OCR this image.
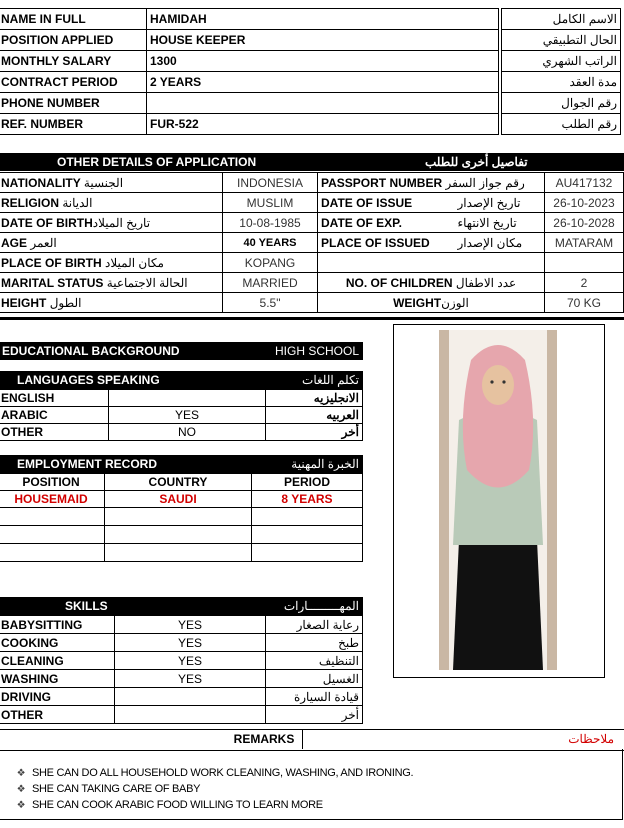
NAME IN FULL	HAMIDAH		الاسم الكامل
POSITION APPLIED	HOUSE KEEPER		الحال التطبيقي
MONTHLY SALARY	1300		الراتب الشهري
CONTRACT PERIOD	2 YEARS		مدة العقد
PHONE NUMBER			رقم الجوال
REF. NUMBER	FUR-522		رقم الطلب
OTHER DETAILS OF APPLICATION	تفاصيل أخرى للطلب
NATIONALITY الجنسية	INDONESIA	PASSPORT NUMBER رقم جواز السفر	AU417132
RELIGION الديانة	MUSLIM	DATE OF ISSUE تاريخ الإصدار	26-10-2023
DATE OF BIRTHتاريخ الميلاد	10-08-1985	DATE OF EXP. تاريخ الانتهاء	26-10-2028
AGE العمر	40 YEARS	PLACE OF ISSUED مكان الإصدار	MATARAM
PLACE OF BIRTH مكان الميلاد	KOPANG		
MARITAL STATUS الحالة الاجتماعية	MARRIED	NO. OF CHILDREN عدد الاطفال	2
HEIGHT الطول	5.5"	WEIGHTالوزن	70 KG
EDUCATIONAL BACKGROUND	HIGH SCHOOL
LANGUAGES SPEAKING	تكلم اللغات
ENGLISH		الانجليزيه
ARABIC	YES	العربيه
OTHER	NO	أخر
EMPLOYMENT RECORD	الخبرة المهنية
POSITION	COUNTRY	PERIOD
HOUSEMAID	SAUDI	8 YEARS

SKILLS	المهـــــــــارات
BABYSITTING	YES	رعاية الصغار
COOKING	YES	طبخ
CLEANING	YES	التنظيف
WASHING	YES	الغسيل
DRIVING		قيادة السيارة
OTHER		أخر
REMARKS	ملاحظات
❖ SHE CAN DO ALL HOUSEHOLD WORK CLEANING, WASHING, AND IRONING.
❖ SHE CAN TAKING CARE OF BABY
❖ SHE CAN COOK ARABIC FOOD WILLING TO LEARN MORE
